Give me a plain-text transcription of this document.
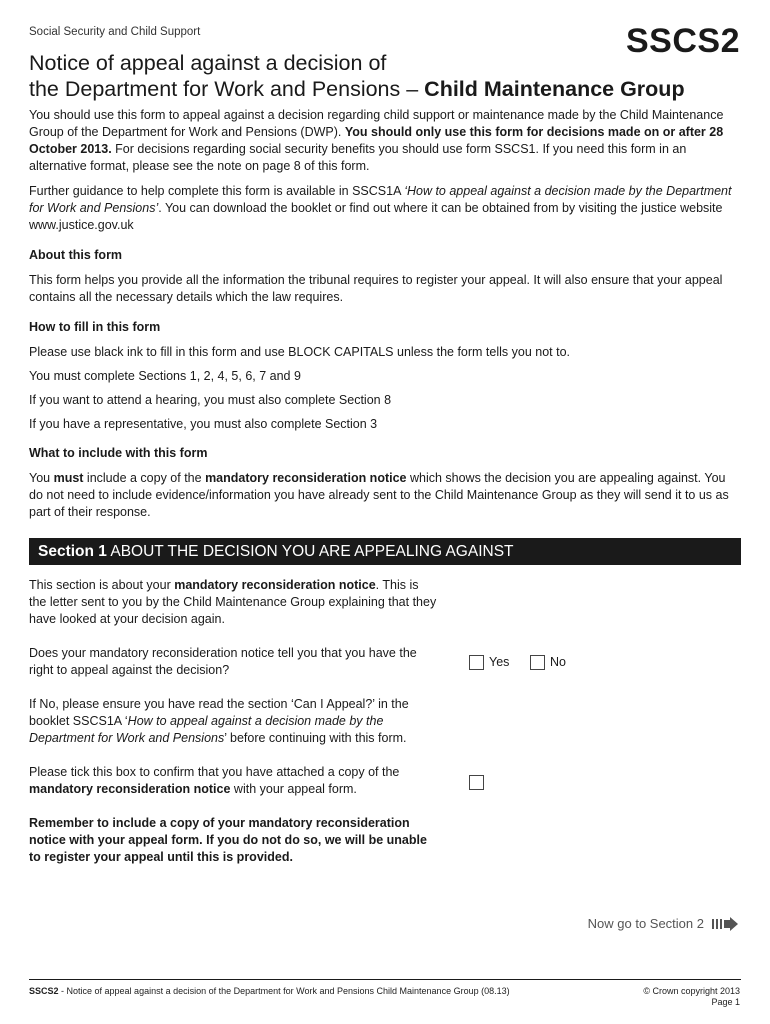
Social Security and Child Support	SSCS2
Notice of appeal against a decision of
the Department for Work and Pensions – Child Maintenance Group

You should use this form to appeal against a decision regarding child support or maintenance made by the Child Maintenance Group of the Department for Work and Pensions (DWP). You should only use this form for decisions made on or after 28 October 2013. For decisions regarding social security benefits you should use form SSCS1. If you need this form in an alternative format, please see the note on page 8 of this form.

Further guidance to help complete this form is available in SSCS1A ‘How to appeal against a decision made by the Department for Work and Pensions’. You can download the booklet or find out where it can be obtained from by visiting the justice website www.justice.gov.uk

About this form

This form helps you provide all the information the tribunal requires to register your appeal. It will also ensure that your appeal contains all the necessary details which the law requires.

How to fill in this form

Please use black ink to fill in this form and use BLOCK CAPITALS unless the form tells you not to.

You must complete Sections 1, 2, 4, 5, 6, 7 and 9

If you want to attend a hearing, you must also complete Section 8

If you have a representative, you must also complete Section 3

What to include with this form

You must include a copy of the mandatory reconsideration notice which shows the decision you are appealing against. You do not need to include evidence/information you have already sent to the Child Maintenance Group as they will send it to us as part of their response.

Section 1 ABOUT THE DECISION YOU ARE APPEALING AGAINST

This section is about your mandatory reconsideration notice. This is the letter sent to you by the Child Maintenance Group explaining that they have looked at your decision again.

Does your mandatory reconsideration notice tell you that you have the right to appeal against the decision?

Yes	No

If No, please ensure you have read the section ‘Can I Appeal?’ in the booklet SSCS1A ‘How to appeal against a decision made by the Department for Work and Pensions’ before continuing with this form.

Please tick this box to confirm that you have attached a copy of the mandatory reconsideration notice with your appeal form.

Remember to include a copy of your mandatory reconsideration notice with your appeal form. If you do not do so, we will be unable to register your appeal until this is provided.

Now go to Section 2
SSCS2 - Notice of appeal against a decision of the Department for Work and Pensions Child Maintenance Group (08.13)	© Crown copyright 2013
Page 1
